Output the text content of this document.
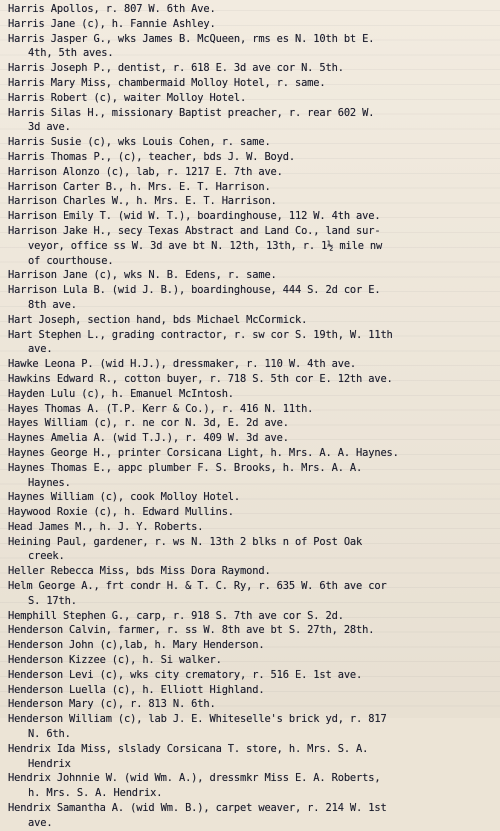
Harris Apollos, r. 807 W. 6th Ave.
Harris Jane (c), h. Fannie Ashley.
Harris Jasper G., wks James B. McQueen, rms es N. 10th bt E.
4th, 5th aves.
Harris Joseph P., dentist, r. 618 E. 3d ave cor N. 5th.
Harris Mary Miss, chambermaid Molloy Hotel, r. same.
Harris Robert (c), waiter Molloy Hotel.
Harris Silas H., missionary Baptist preacher, r. rear 602 W.
3d ave.
Harris Susie (c), wks Louis Cohen, r. same.
Harris Thomas P., (c), teacher, bds J. W. Boyd.
Harrison Alonzo (c), lab, r. 1217 E. 7th ave.
Harrison Carter B., h. Mrs. E. T. Harrison.
Harrison Charles W., h. Mrs. E. T. Harrison.
Harrison Emily T. (wid W. T.), boardinghouse, 112 W. 4th ave.
Harrison Jake H., secy Texas Abstract and Land Co., land sur-
veyor, office ss W. 3d ave bt N. 12th, 13th, r. 1½ mile nw
of courthouse.
Harrison Jane (c), wks N. B. Edens, r. same.
Harrison Lula B. (wid J. B.), boardinghouse, 444 S. 2d cor E.
8th ave.
Hart Joseph, section hand, bds Michael McCormick.
Hart Stephen L., grading contractor, r. sw cor S. 19th, W. 11th
ave.
Hawke Leona P. (wid H.J.), dressmaker, r. 110 W. 4th ave.
Hawkins Edward R., cotton buyer, r. 718 S. 5th cor E. 12th ave.
Hayden Lulu (c), h. Emanuel McIntosh.
Hayes Thomas A. (T.P. Kerr & Co.), r. 416 N. 11th.
Hayes William (c), r. ne cor N. 3d, E. 2d ave.
Haynes Amelia A. (wid T.J.), r. 409 W. 3d ave.
Haynes George H., printer Corsicana Light, h. Mrs. A. A. Haynes.
Haynes Thomas E., appc plumber F. S. Brooks, h. Mrs. A. A.
Haynes.
Haynes William (c), cook Molloy Hotel.
Haywood Roxie (c), h. Edward Mullins.
Head James M., h. J. Y. Roberts.
Heining Paul, gardener, r. ws N. 13th 2 blks n of Post Oak
creek.
Heller Rebecca Miss, bds Miss Dora Raymond.
Helm George A., frt condr H. & T. C. Ry, r. 635 W. 6th ave cor
S. 17th.
Hemphill Stephen G., carp, r. 918 S. 7th ave cor S. 2d.
Henderson Calvin, farmer, r. ss W. 8th ave bt S. 27th, 28th.
Henderson John (c),lab, h. Mary Henderson.
Henderson Kizzee (c), h. Si walker.
Henderson Levi (c), wks city crematory, r. 516 E. 1st ave.
Henderson Luella (c), h. Elliott Highland.
Henderson Mary (c), r. 813 N. 6th.
Henderson William (c), lab J. E. Whiteselle's brick yd, r. 817
N. 6th.
Hendrix Ida Miss, slslady Corsicana T. store, h. Mrs. S. A.
Hendrix
Hendrix Johnnie W. (wid Wm. A.), dressmkr Miss E. A. Roberts,
h. Mrs. S. A. Hendrix.
Hendrix Samantha A. (wid Wm. B.), carpet weaver, r. 214 W. 1st
ave.
